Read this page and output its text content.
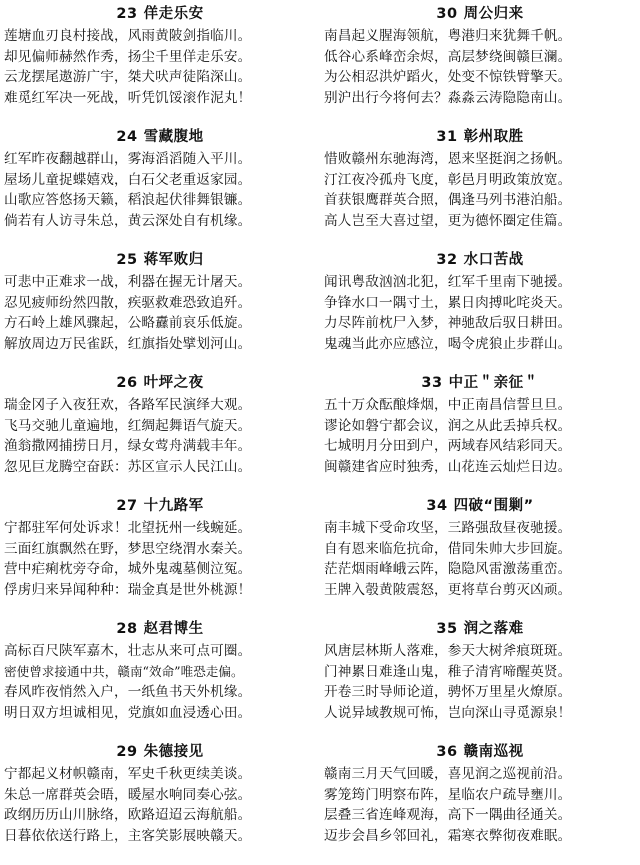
23 佯走乐安
莲塘血刃良村接战，风雨黄陂剑指临川。
却见偏师赫然作秀，扬尘千里佯走乐安。
云龙摆尾遨游广宇，桀犬吠声徒陷深山。
难觅红军决一死战，听凭饥馁滚作泥丸！
24 雪藏腹地
红军昨夜翻越群山，雾海滔滔随入平川。
屋场儿童捉蝶嬉戏，白石父老重返家园。
山歌应答悠扬天籁，稻浪起伏徘舞银镰。
倘若有人访寻朱总，黄云深处自有机缘。
25 蒋军败归
可悲中正难求一战，利器在握无计屠天。
忍见疲师纷然四散，疾驱救难恐致追歼。
方石岭上雄风骤起，公略纛前哀乐低旋。
解放周边万民雀跃，红旗指处擘划河山。
26 叶坪之夜
瑞金冈子入夜狂欢，各路军民演绎大观。
飞马交驰儿童遍地，红绸起舞语气旋天。
渔翁撒网捕捞日月，绿女莺舟满载丰年。
忽见巨龙腾空奋跃：苏区宣示人民江山。
27 十九路军
宁都驻军何处诉求！北望抚州一线蜿延。
三面红旗飘然在野，梦思空绕渭水秦关。
营中疟痢枕旁夺命，城外鬼魂墓侧泣冤。
俘虏归来异闻种种：瑞金真是世外桃源！
28 赵君博生
高标百尺陕军嘉木，壮志从来可点可圈。
密使曾求接通中共，赣南“效命”唯恐走偏。
春风昨夜悄然入户，一纸鱼书天外机缘。
明日双方坦诚相见，党旗如血浸透心田。
29 朱德接见
宁都起义材帜赣南，军史千秋更续美谈。
朱总一席群英会晤，暖屋水响同奏心弦。
政纲历历山川脉络，欧路迢迢云海航船。
日暮依依送行路上，主客笑影展映赣天。
30 周公归来
南昌起义腥海领航，粤港归来犹舞千帆。
低谷心系峰峦余烬，高层梦绕闽赣巨澜。
为公相忍洪炉蹈火，处变不惊铁臂擎天。
别沪出行今将何去？淼淼云涛隐隐南山。
31 彰州取胜
惜败赣州东驰海湾，恩来坚挺润之扬帆。
汀江夜冷孤舟飞度，彰邑月明政策放宽。
首获银鹰群英合照，偶逢马列书港泊船。
高人岂至大喜过望，更为德怀圈定佳篇。
32 水口苦战
闻讯粤敌汹汹北犯，红军千里南下驰援。
争锋水口一隅寸土，累日肉搏叱咤炎天。
力尽阵前枕尸入梦，神驰敌后驭日耕田。
鬼魂当此亦应感泣，喝令虎狼止步群山。
33 中正＂亲征＂
五十万众酝酿烽烟，中正南昌信誓旦旦。
谬论如磐宁都会议，润之从此丢掉兵权。
七城明月分田到户，两域春风结彩同天。
闽赣建省应时独秀，山花连云灿烂日边。
34 四破“围剿”
南丰城下受命攻坚，三路强敌昼夜驰援。
自有恩来临危抗命，借同朱帅大步回旋。
茫茫烟雨峰峨云阵，隐隐风雷激荡重峦。
王牌入彀黄陂震怒，更将草台剪灭凶顽。
35 润之落难
风唐层林斯人落难，参天大树斧痕斑斑。
门神累日难逢山鬼，稚子清宵啼醒英贤。
开卷三时导师论道，骋怀万里星火燎原。
人说异域教规可怖，岂向深山寻觅源泉！
36 赣南巡视
赣南三月天气回暖，喜见润之巡视前沿。
雾笼筠门明察布阵，星临农户疏导壅川。
层叠三省连峰观海，高下一隅曲径通关。
迈步会昌乡邻回礼，霜寒衣弊彻夜难眠。
